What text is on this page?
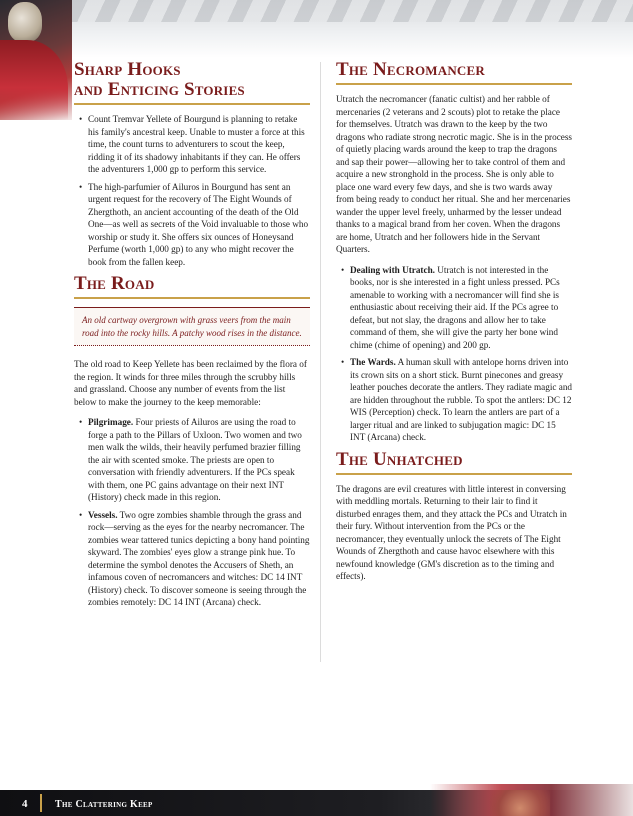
Sharp Hooks
and Enticing Stories
• Count Tremvar Yellete of Bourgund is planning to retake his family's ancestral keep. Unable to muster a force at this time, the count turns to adventurers to scout the keep, ridding it of its shadowy inhabitants if they can. He offers the adventurers 1,000 gp to perform this service.
• The high-parfumier of Ailuros in Bourgund has sent an urgent request for the recovery of The Eight Wounds of Zhergthoth, an ancient accounting of the death of the Old One—as well as secrets of the Void invaluable to those who worship or study it. She offers six ounces of Honeysand Perfume (worth 1,000 gp) to any who might recover the book from the fallen keep.
The Road
An old cartway overgrown with grass veers from the main road into the rocky hills. A patchy wood rises in the distance.

The old road to Keep Yellete has been reclaimed by the flora of the region. It winds for three miles through the scrubby hills and grassland. Choose any number of events from the list below to make the journey to the keep memorable:

• Pilgrimage. Four priests of Ailuros are using the road to forge a path to the Pillars of Uxloon. Two women and two men walk the wilds, their heavily perfumed brazier filling the air with scented smoke. The priests are open to conversation with friendly adventurers. If the PCs speak with them, one PC gains advantage on their next INT (History) check made in this region.
• Vessels. Two ogre zombies shamble through the grass and rock—serving as the eyes for the nearby necromancer. The zombies wear tattered tunics depicting a bony hand pointing skyward. The zombies' eyes glow a strange pink hue. To determine the symbol denotes the Accusers of Sheth, an infamous coven of necromancers and witches: DC 14 INT (History) check. To discover someone is seeing through the zombies remotely: DC 14 INT (Arcana) check.
The Necromancer

Utratch the necromancer (fanatic cultist) and her rabble of mercenaries (2 veterans and 2 scouts) plot to retake the place for themselves. Utratch was drawn to the keep by the two dragons who radiate strong necrotic magic. She is in the process of quietly placing wards around the keep to trap the dragons and sap their power—allowing her to take control of them and acquire a new stronghold in the process. She is only able to place one ward every few days, and she is two wards away from being ready to conduct her ritual. She and her mercenaries wander the upper level freely, unharmed by the lesser undead thanks to a magical brand from her coven. When the dragons are home, Utratch and her followers hide in the Servant Quarters.

• Dealing with Utratch. Utratch is not interested in the books, nor is she interested in a fight unless pressed. PCs amenable to working with a necromancer will find she is enthusiastic about receiving their aid. If the PCs agree to defeat, but not slay, the dragons and allow her to take command of them, she will give the party her bone wind chime (chime of opening) and 200 gp.
• The Wards. A human skull with antelope horns driven into its crown sits on a short stick. Burnt pinecones and greasy leather pouches decorate the antlers. They radiate magic and are hidden throughout the rubble. To spot the antlers: DC 12 WIS (Perception) check. To learn the antlers are part of a larger ritual and are linked to subjugation magic: DC 15 INT (Arcana) check.
The Unhatched

The dragons are evil creatures with little interest in conversing with meddling mortals. Returning to their lair to find it disturbed enrages them, and they attack the PCs and Utratch in their fury. Without intervention from the PCs or the necromancer, they eventually unlock the secrets of The Eight Wounds of Zhergthoth and cause havoc elsewhere with this newfound knowledge (GM's discretion as to the timing and effects).

4	The Clattering Keep
